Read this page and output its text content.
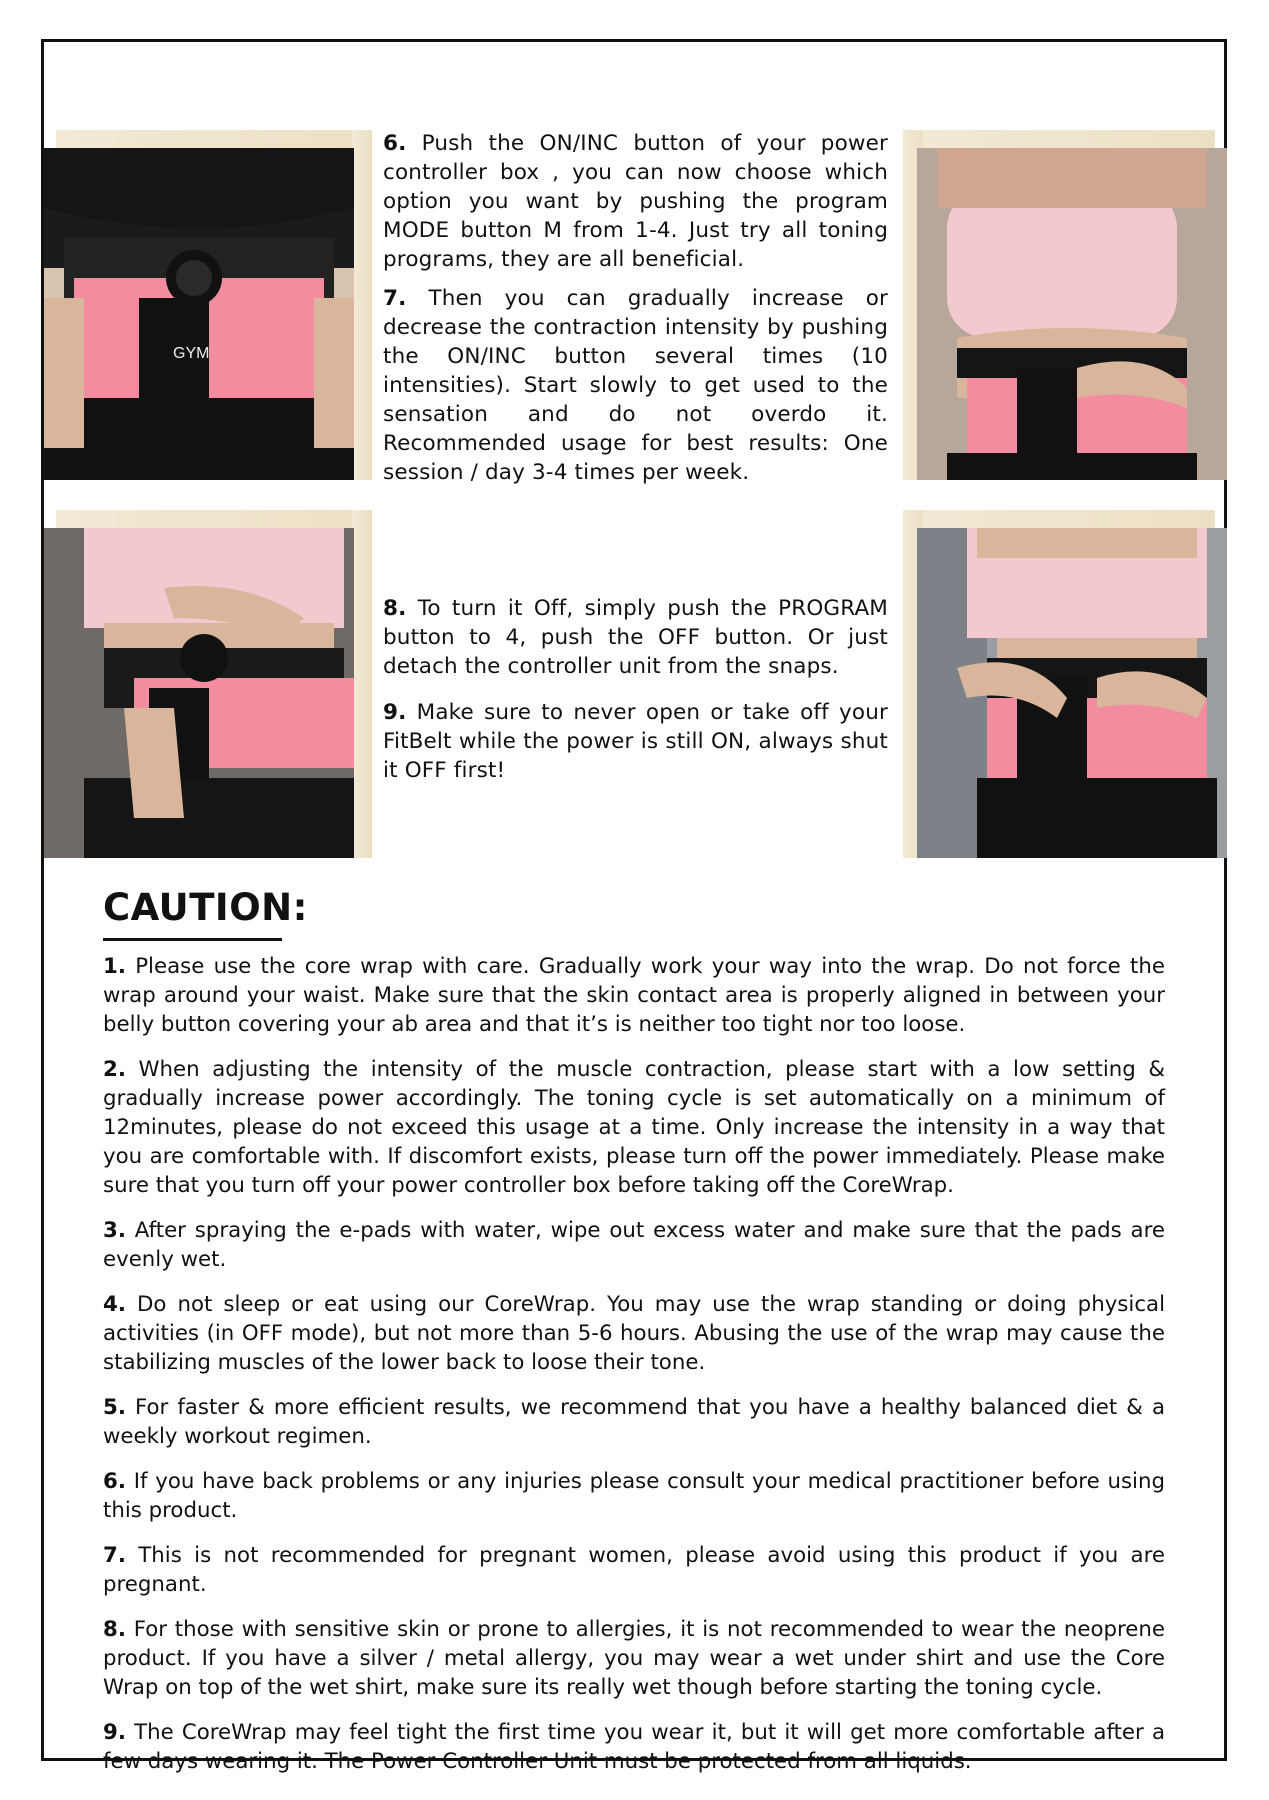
GYM

6. Push the ON/INC button of your power controller box , you can now choose which option you want by pushing the program MODE button M from 1-4. Just try all toning programs, they are all beneficial.

7. Then you can gradually increase or decrease the contraction intensity by pushing the ON/INC button several times (10 intensities). Start slowly to get used to the sensation and do not overdo it. Recommended usage for best results: One session / day 3-4 times per week.

8. To turn it Off, simply push the PROGRAM button to 4, push the OFF button. Or just detach the controller unit from the snaps.

9. Make sure to never open or take off your FitBelt while the power is still ON, always shut it OFF first!

CAUTION:

1. Please use the core wrap with care. Gradually work your way into the wrap. Do not force the wrap around your waist. Make sure that the skin contact area is properly aligned in between your belly button covering your ab area and that it’s is neither too tight nor too loose.

2. When adjusting the intensity of the muscle contraction, please start with a low setting & gradually increase power accordingly. The toning cycle is set automatically on a minimum of 12minutes, please do not exceed this usage at a time. Only increase the intensity in a way that you are comfortable with. If discomfort exists, please turn off the power immediately. Please make sure that you turn off your power controller box before taking off the CoreWrap.

3. After spraying the e-pads with water, wipe out excess water and make sure that the pads are evenly wet.

4. Do not sleep or eat using our CoreWrap. You may use the wrap standing or doing physical activities (in OFF mode), but not more than 5-6 hours. Abusing the use of the wrap may cause the stabilizing muscles of the lower back to loose their tone.

5. For faster & more efficient results, we recommend that you have a healthy balanced diet & a weekly workout regimen.

6. If you have back problems or any injuries please consult your medical practitioner before using this product.

7. This is not recommended for pregnant women, please avoid using this product if you are pregnant.

8. For those with sensitive skin or prone to allergies, it is not recommended to wear the neoprene product. If you have a silver / metal allergy, you may wear a wet under shirt and use the Core Wrap on top of the wet shirt, make sure its really wet though before starting the toning cycle.

9. The CoreWrap may feel tight the first time you wear it, but it will get more comfortable after a few days wearing it. The Power Controller Unit must be protected from all liquids.
